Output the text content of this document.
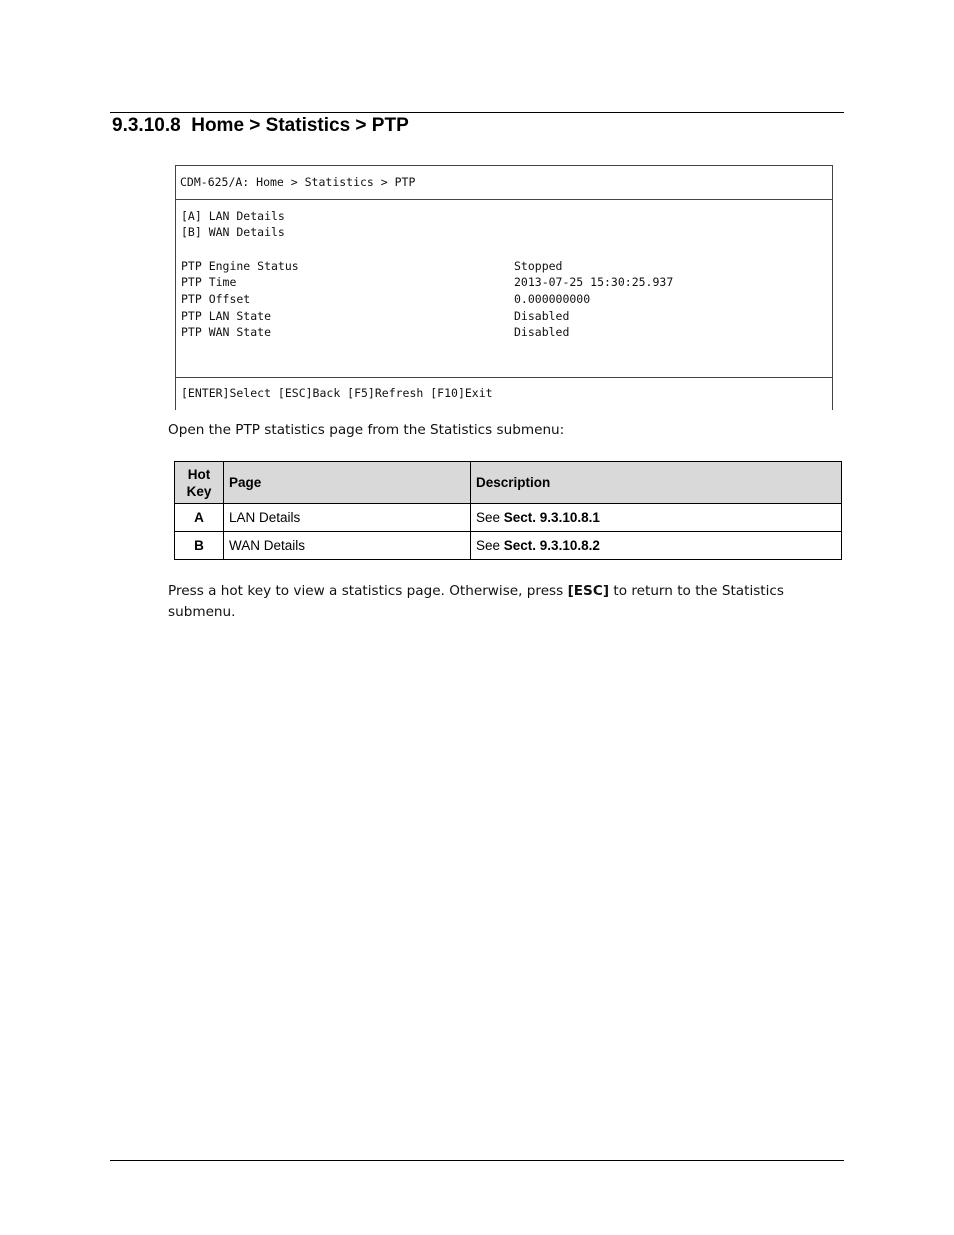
9.3.10.8  Home > Statistics > PTP
CDM-625/A: Home > Statistics > PTP
[A] LAN Details
[B] WAN Details
PTP Engine Status	Stopped
PTP Time	2013-07-25 15:30:25.937
PTP Offset	0.000000000
PTP LAN State	Disabled
PTP WAN State	Disabled
[ENTER]Select [ESC]Back [F5]Refresh [F10]Exit
Open the PTP statistics page from the Statistics submenu:
Hot
Key	Page	Description
A	LAN Details	See Sect. 9.3.10.8.1
B	WAN Details	See Sect. 9.3.10.8.2
Press a hot key to view a statistics page. Otherwise, press [ESC] to return to the Statistics submenu.
